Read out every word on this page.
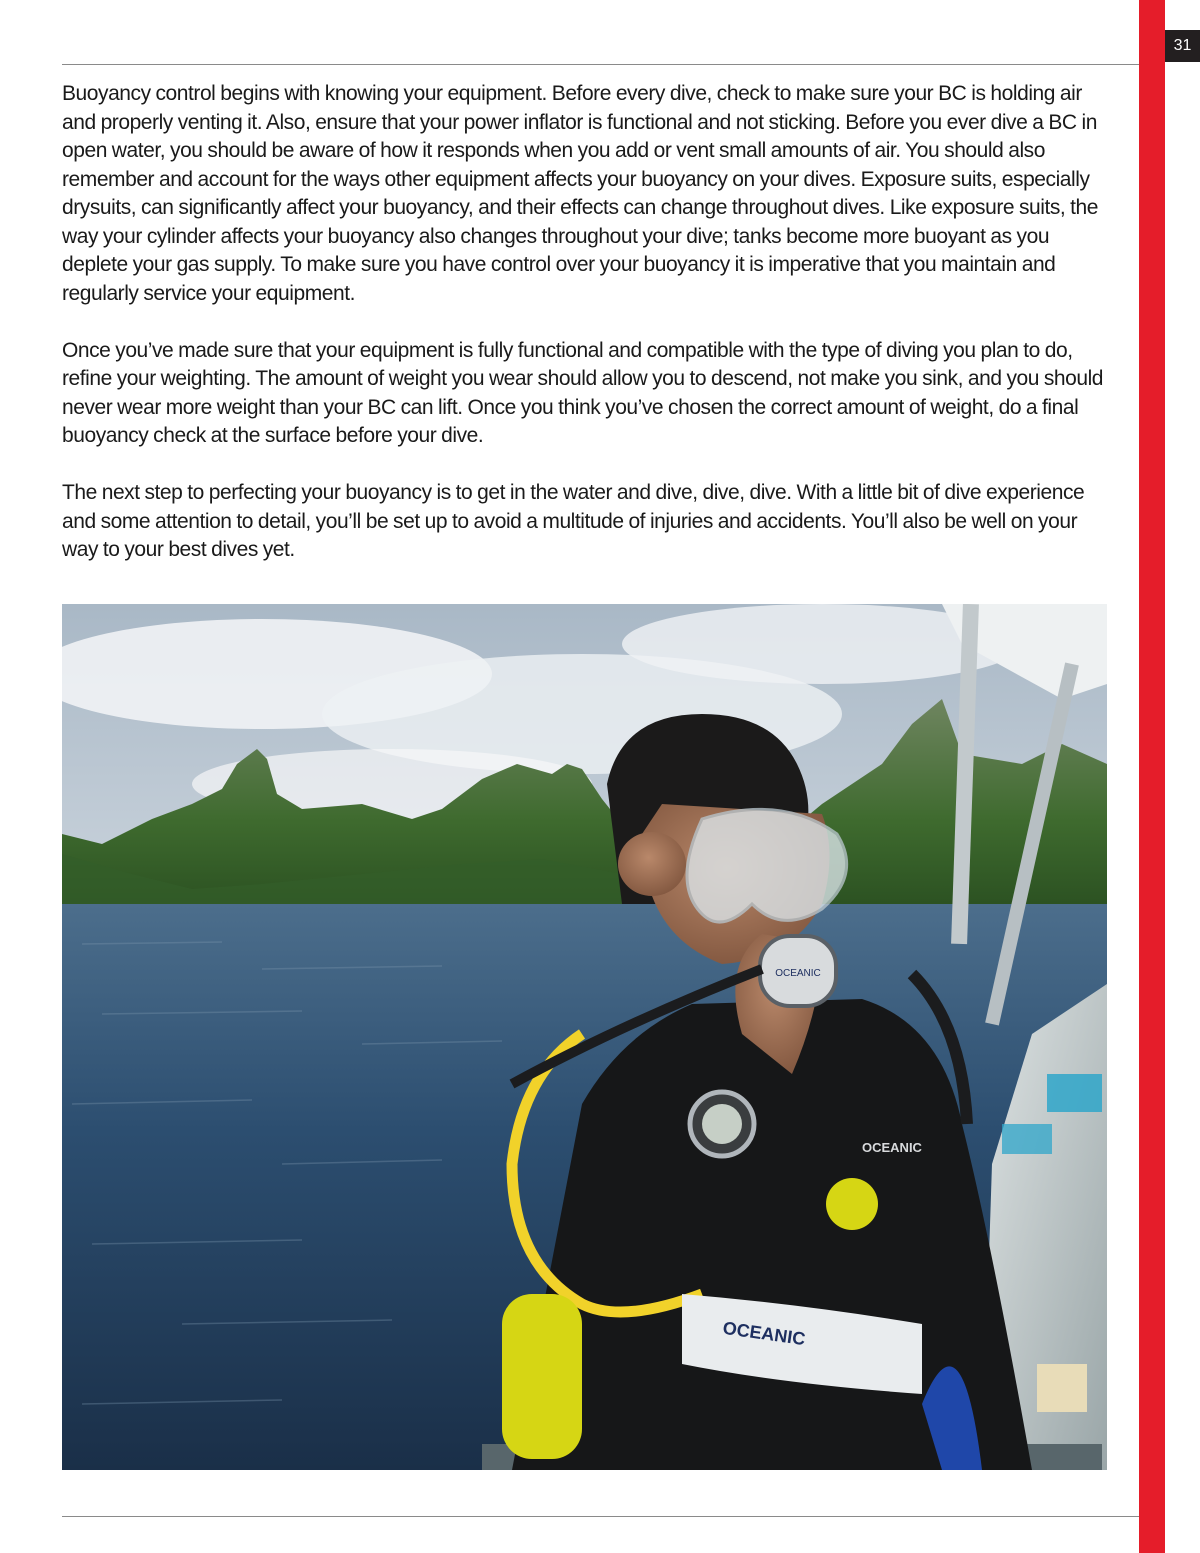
31

Buoyancy control begins with knowing your equipment. Before every dive, check to make sure your BC is holding air and properly venting it. Also, ensure that your power inflator is functional and not sticking. Before you ever dive a BC in open water, you should be aware of how it responds when you add or vent small amounts of air. You should also remember and account for the ways other equipment affects your buoyancy on your dives. Exposure suits, especially drysuits, can significantly affect your buoyancy, and their effects can change throughout dives. Like exposure suits, the way your cylinder affects your buoyancy also changes throughout your dive; tanks become more buoyant as you deplete your gas supply. To make sure you have control over your buoyancy it is imperative that you maintain and regularly service your equipment.

Once you’ve made sure that your equipment is fully functional and compatible with the type of diving you plan to do, refine your weighting. The amount of weight you wear should allow you to descend, not make you sink, and you should never wear more weight than your BC can lift. Once you think you’ve chosen the correct amount of weight, do a final buoyancy check at the surface before your dive.

The next step to perfecting your buoyancy is to get in the water and dive, dive, dive. With a little bit of dive experience and some attention to detail, you’ll be set up to avoid a multitude of injuries and accidents. You’ll also be well on your way to your best dives yet.

OCEANIC
OCEANIC
OCEANIC
